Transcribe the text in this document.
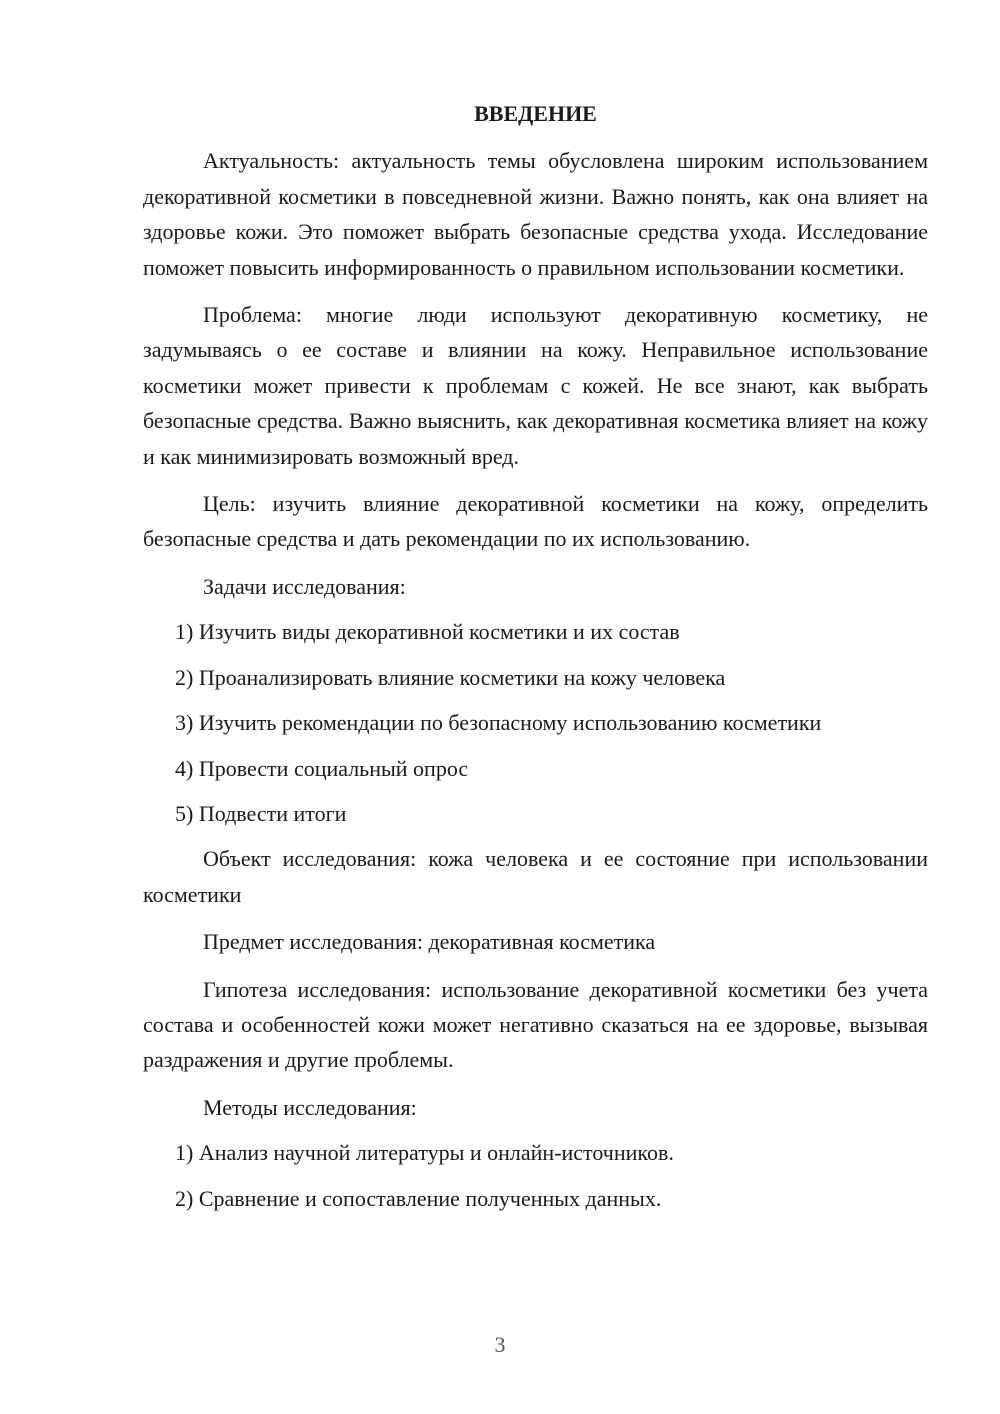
ВВЕДЕНИЕ

Актуальность: актуальность темы обусловлена широким использованием декоративной косметики в повседневной жизни. Важно понять, как она влияет на здоровье кожи. Это поможет выбрать безопасные средства ухода. Исследование поможет повысить информированность о правильном использовании косметики.

Проблема: многие люди используют декоративную косметику, не задумываясь о ее составе и влиянии на кожу. Неправильное использование косметики может привести к проблемам с кожей. Не все знают, как выбрать безопасные средства. Важно выяснить, как декоративная косметика влияет на кожу и как минимизировать возможный вред.

Цель: изучить влияние декоративной косметики на кожу, определить безопасные средства и дать рекомендации по их использованию.

Задачи исследования:
1) Изучить виды декоративной косметики и их состав
2) Проанализировать влияние косметики на кожу человека
3) Изучить рекомендации по безопасному использованию косметики
4) Провести социальный опрос
5) Подвести итоги

Объект исследования: кожа человека и ее состояние при использовании косметики

Предмет исследования: декоративная косметика

Гипотеза исследования: использование декоративной косметики без учета состава и особенностей кожи может негативно сказаться на ее здоровье, вызывая раздражения и другие проблемы.

Методы исследования:
1) Анализ научной литературы и онлайн-источников.
2) Сравнение и сопоставление полученных данных.
3
